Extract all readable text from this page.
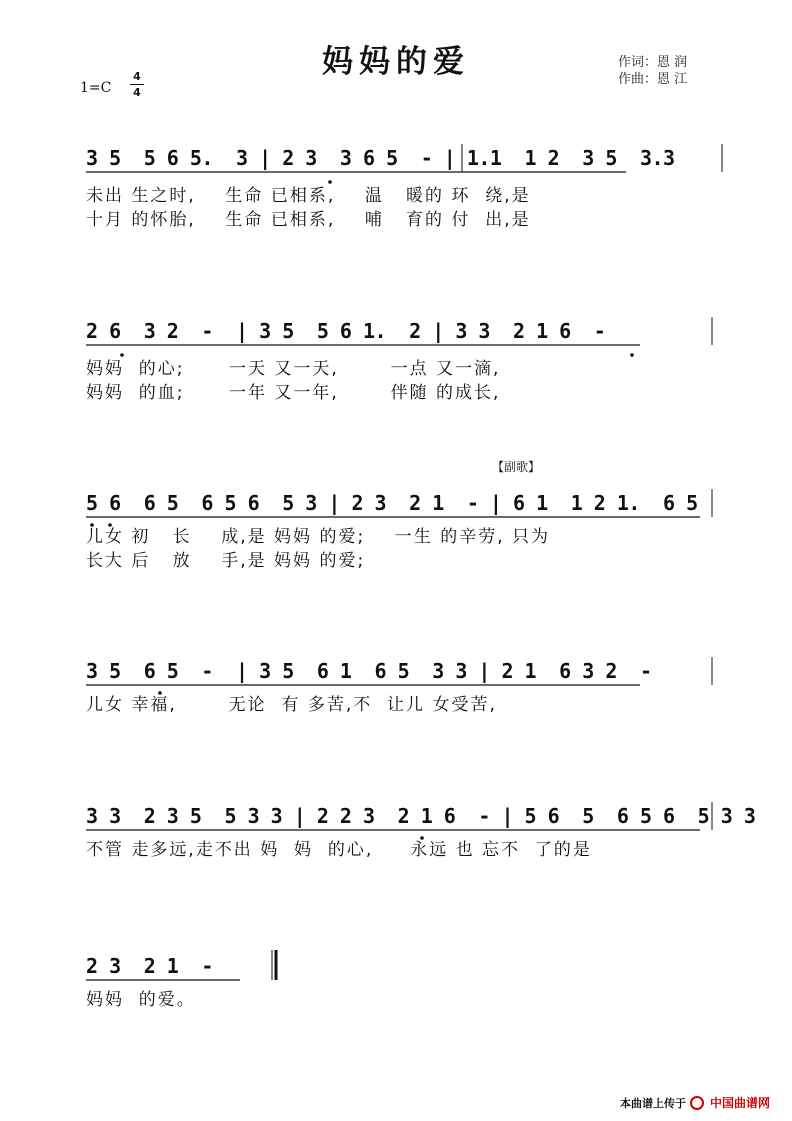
妈妈的爱	作词：恩 润
作曲：恩 江
1=C
4
4
3 5  5 6 5.  3 | 2 3  3 6 5  - | 1.1  1 2  3 5  3.3
未出 生之时,    生命 已相系,    温   暖的 环  绕,是
十月 的怀胎,    生命 已相系,    哺   育的 付  出,是
2 6  3 2  -  | 3 5  5 6 1.  2 | 3 3  2 1 6  -
妈妈  的心;      一天 又一天,       一点 又一滴,
妈妈  的血;      一年 又一年,       伴随 的成长,
【副歌】
5 6  6 5  6 5 6  5 3 | 2 3  2 1  - | 6 1  1 2 1.  6 5
儿女 初   长    成,是 妈妈 的爱;    一生 的辛劳, 只为
长大 后   放    手,是 妈妈 的爱;
3 5  6 5  -  | 3 5  6 1  6 5  3 3 | 2 1  6 3 2  -
儿女 幸福,       无论  有 多苦,不  让儿 女受苦,
3 3  2 3 5  5 3 3 | 2 2 3  2 1 6  - | 5 6  5  6 5 6  5 3 3
不管 走多远,走不出 妈  妈  的心,     永远 也 忘不  了的是
2 3  2 1  -
妈妈  的爱。
本曲谱上传于 中国曲谱网
